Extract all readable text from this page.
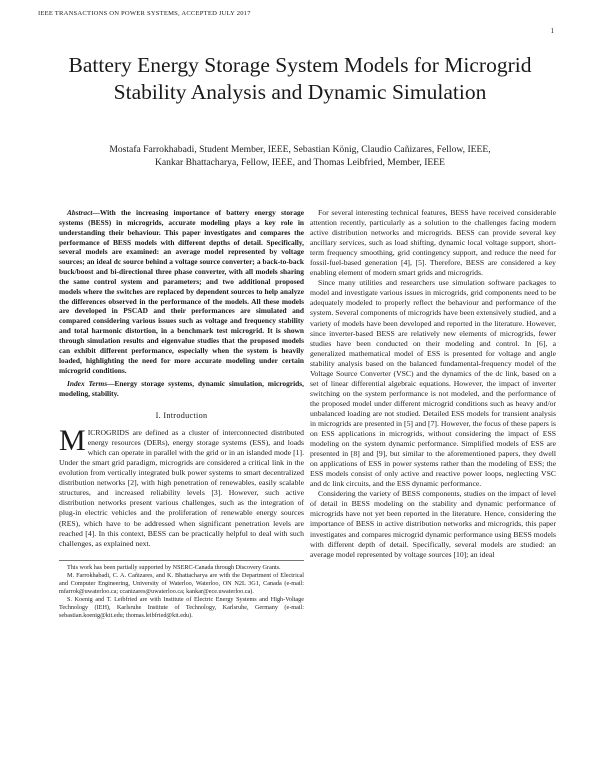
IEEE TRANSACTIONS ON POWER SYSTEMS, ACCEPTED JULY 2017
1
Battery Energy Storage System Models for Microgrid Stability Analysis and Dynamic Simulation
Mostafa Farrokhabadi, Student Member, IEEE, Sebastian König, Claudio Cañizares, Fellow, IEEE,
Kankar Bhattacharya, Fellow, IEEE, and Thomas Leibfried, Member, IEEE
Abstract—With the increasing importance of battery energy storage systems (BESS) in microgrids, accurate modeling plays a key role in understanding their behaviour. This paper investigates and compares the performance of BESS models with different depths of detail. Specifically, several models are examined: an average model represented by voltage sources; an ideal dc source behind a voltage source converter; a back-to-back buck/boost and bi-directional three phase converter, with all models sharing the same control system and parameters; and two additional proposed models where the switches are replaced by dependent sources to help analyze the differences observed in the performance of the models. All these models are developed in PSCAD and their performances are simulated and compared considering various issues such as voltage and frequency stability and total harmonic distortion, in a benchmark test microgrid. It is shown through simulation results and eigenvalue studies that the proposed models can exhibit different performance, especially when the system is heavily loaded, highlighting the need for more accurate modeling under certain microgrid conditions.
Index Terms—Energy storage systems, dynamic simulation, microgrids, modeling, stability.
I. Introduction
MICROGRIDS are defined as a cluster of interconnected distributed energy resources (DERs), energy storage systems (ESS), and loads which can operate in parallel with the grid or in an islanded mode [1]. Under the smart grid paradigm, microgrids are considered a critical link in the evolution from vertically integrated bulk power systems to smart decentralized distribution networks [2], with high penetration of renewables, easily scalable structures, and increased reliability levels [3]. However, such active distribution networks present various challenges, such as the integration of plug-in electric vehicles and the proliferation of renewable energy sources (RES), which have to be addressed when significant penetration levels are reached [4]. In this context, BESS can be practically helpful to deal with such challenges, as explained next.

This work has been partially supported by NSERC-Canada through Discovery Grants.

M. Farrokhabadi, C. A. Cañizares, and K. Bhattacharya are with the Department of Electrical and Computer Engineering, University of Waterloo, Waterloo, ON N2L 3G1, Canada (e-mail: mfarrok@uwaterloo.ca; ccanizares@uwaterloo.ca; kankar@ece.uwaterloo.ca).

S. Koenig and T. Leibfried are with Institute of Electric Energy Systems and High-Voltage Technology (IEH), Karlsruhe Institute of Technology, Karlsruhe, Germany (e-mail: sebastian.koenig@kit.edu; thomas.leibfried@kit.edu).

For several interesting technical features, BESS have received considerable attention recently, particularly as a solution to the challenges facing modern active distribution networks and microgrids. BESS can provide several key ancillary services, such as load shifting, dynamic local voltage support, short-term frequency smoothing, grid contingency support, and reduce the need for fossil-fuel-based generation [4], [5]. Therefore, BESS are considered a key enabling element of modern smart grids and microgrids.

Since many utilities and researchers use simulation software packages to model and investigate various issues in microgrids, grid components need to be adequately modeled to properly reflect the behaviour and performance of the system. Several components of microgrids have been extensively studied, and a variety of models have been developed and reported in the literature. However, since inverter-based BESS are relatively new elements of microgrids, fewer studies have been conducted on their modeling and control. In [6], a generalized mathematical model of ESS is presented for voltage and angle stability analysis based on the balanced fundamental-frequency model of the Voltage Source Converter (VSC) and the dynamics of the dc link, based on a set of linear differential algebraic equations. However, the impact of inverter switching on the system performance is not modeled, and the performance of the proposed model under different microgrid conditions such as heavy and/or unbalanced loading are not studied. Detailed ESS models for transient analysis in microgrids are presented in [5] and [7]. However, the focus of these papers is on ESS applications in microgrids, without considering the impact of ESS modeling on the system dynamic performance. Simplified models of ESS are presented in [8] and [9], but similar to the aforementioned papers, they dwell on applications of ESS in power systems rather than the modeling of ESS; the ESS models consist of only active and reactive power loops, neglecting VSC and dc link circuits, and the ESS dynamic performance.

Considering the variety of BESS components, studies on the impact of level of detail in BESS modeling on the stability and dynamic performance of microgrids have not yet been reported in the literature. Hence, considering the importance of BESS in active distribution networks and microgrids, this paper investigates and compares microgrid dynamic performance using BESS models with different depth of detail. Specifically, several models are studied: an average model represented by voltage sources [10]; an ideal
